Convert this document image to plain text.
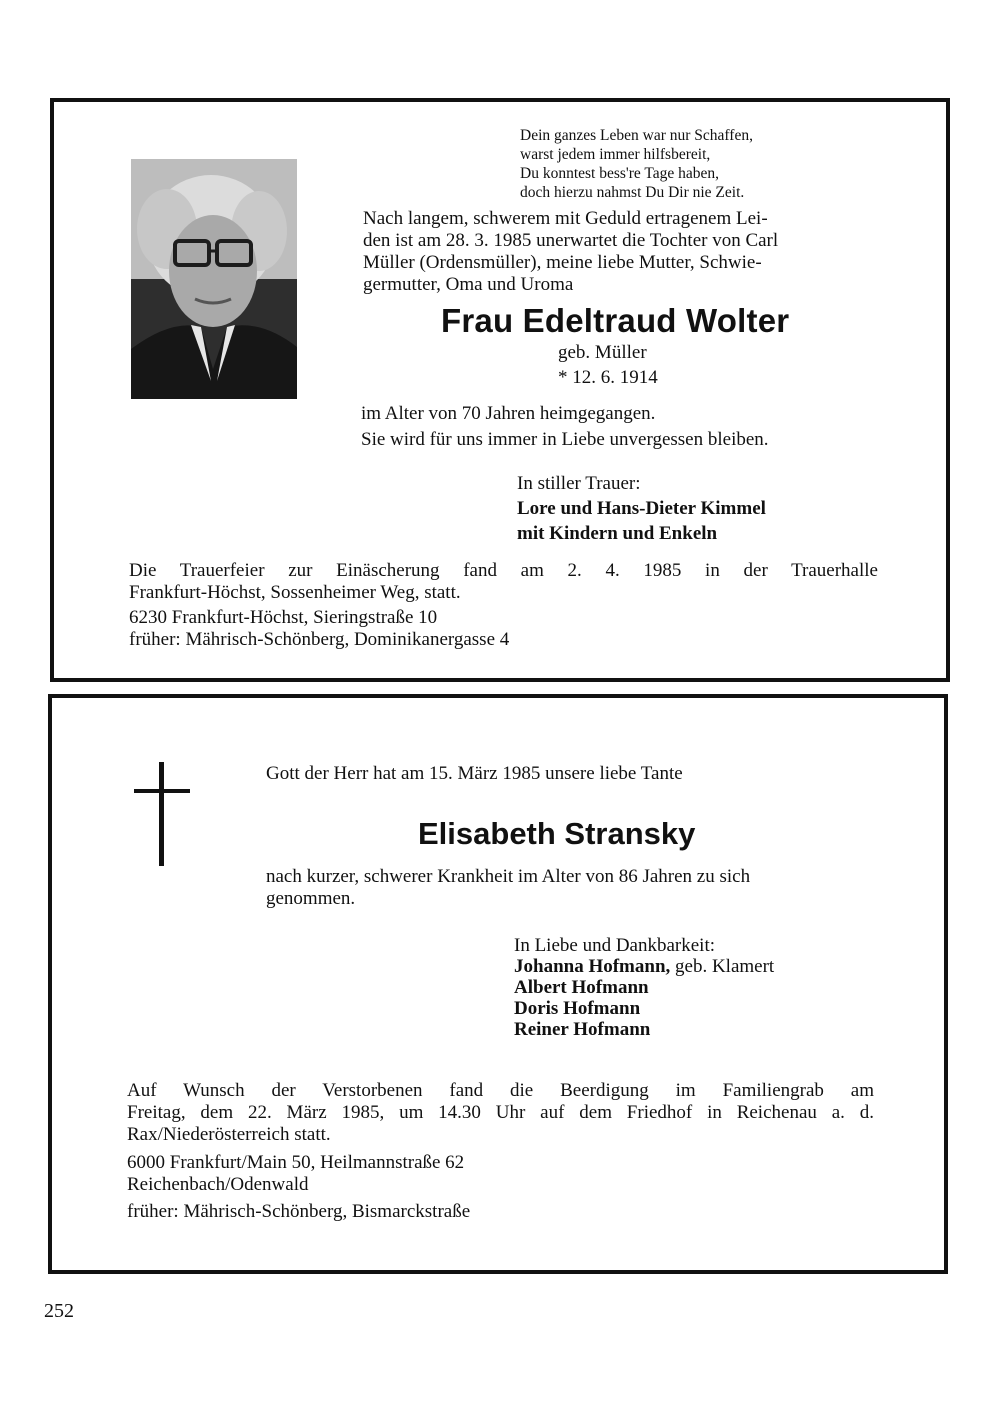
Dein ganzes Leben war nur Schaffen,
warst jedem immer hilfsbereit,
Du konntest bess're Tage haben,
doch hierzu nahmst Du Dir nie Zeit.
Nach langem, schwerem mit Geduld ertragenem Lei-
den ist am 28. 3. 1985 unerwartet die Tochter von Carl
Müller (Ordensmüller), meine liebe Mutter, Schwie-
germutter, Oma und Uroma
Frau Edeltraud Wolter
geb. Müller
* 12. 6. 1914
im Alter von 70 Jahren heimgegangen.
Sie wird für uns immer in Liebe unvergessen bleiben.
In stiller Trauer:
Lore und Hans-Dieter Kimmel
mit Kindern und Enkeln
Die Trauerfeier zur Einäscherung fand am 2. 4. 1985 in der Trauerhalle
Frankfurt-Höchst, Sossenheimer Weg, statt.
6230 Frankfurt-Höchst, Sieringstraße 10
früher: Mährisch-Schönberg, Dominikanergasse 4
Gott der Herr hat am 15. März 1985 unsere liebe Tante
Elisabeth Stransky
nach kurzer, schwerer Krankheit im Alter von 86 Jahren zu sich
genommen.
In Liebe und Dankbarkeit:
Johanna Hofmann, geb. Klamert
Albert Hofmann
Doris Hofmann
Reiner Hofmann
Auf Wunsch der Verstorbenen fand die Beerdigung im Familiengrab am
Freitag, dem 22. März 1985, um 14.30 Uhr auf dem Friedhof in Reichenau a. d.
Rax/Niederösterreich statt.
6000 Frankfurt/Main 50, Heilmannstraße 62
Reichenbach/Odenwald
früher: Mährisch-Schönberg, Bismarckstraße
252
